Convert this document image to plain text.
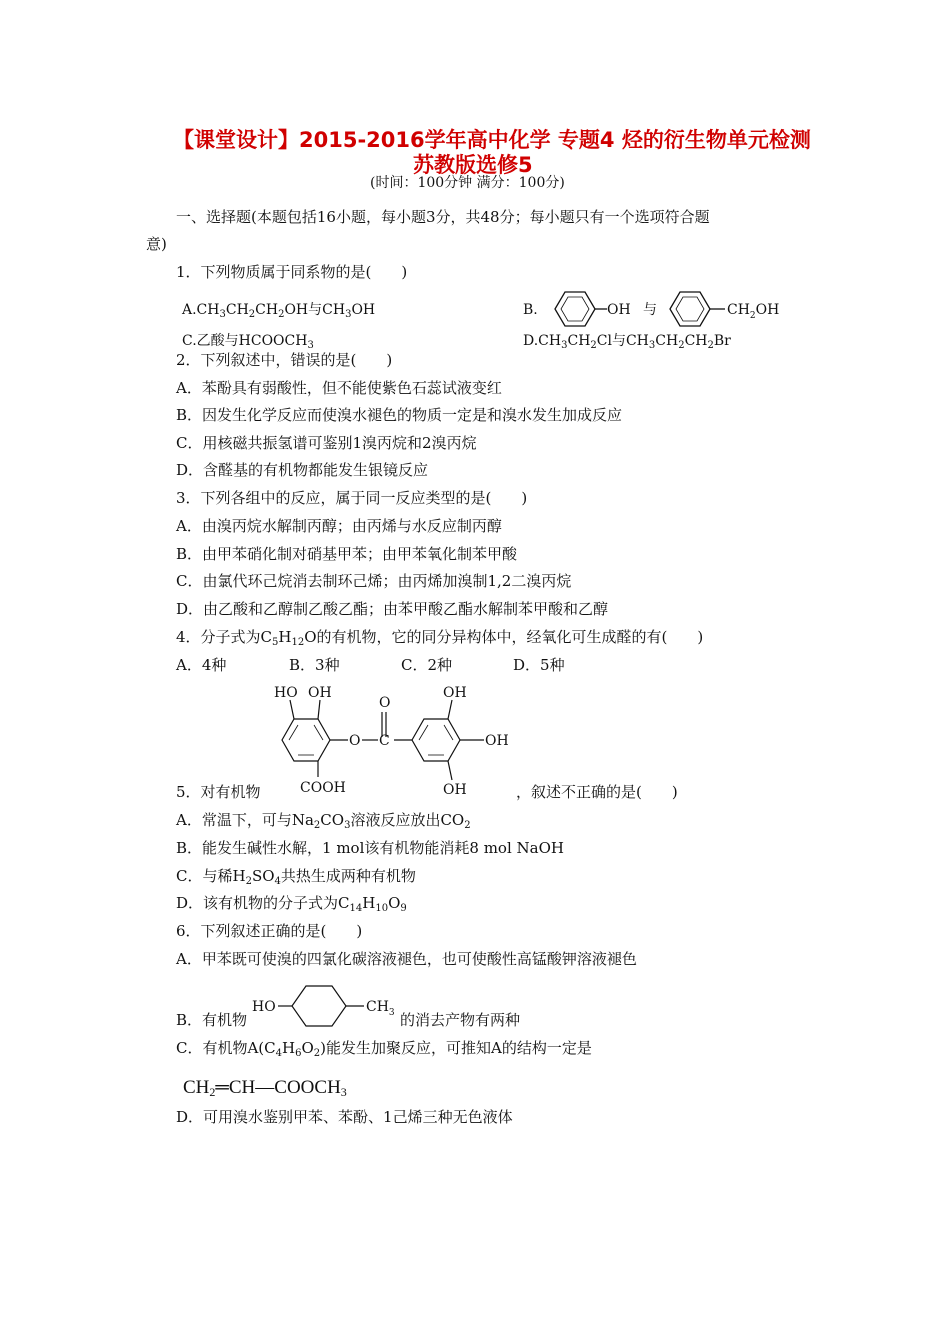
【课堂设计】2015-2016学年高中化学 专题4 烃的衍生物单元检测
苏教版选修5
(时间：100分钟 满分：100分)
一、选择题(本题包括16小题，每小题3分，共48分；每小题只有一个选项符合题
意)
1．下列物质属于同系物的是(　　)
$A.CH_3CH_2CH_2OH$与$CH_3OH$	B.	OH 与	$CH_2OH$
C.乙酸与$HCOOCH_3$	$D.CH_3CH_2Cl$与$CH_3CH_2CH_2Br$
2．下列叙述中，错误的是(　　)
A．苯酚具有弱酸性，但不能使紫色石蕊试液变红
B．因发生化学反应而使溴水褪色的物质一定是和溴水发生加成反应
C．用核磁共振氢谱可鉴别1溴丙烷和2溴丙烷
D．含醛基的有机物都能发生银镜反应
3．下列各组中的反应，属于同一反应类型的是(　　)
A．由溴丙烷水解制丙醇；由丙烯与水反应制丙醇
B．由甲苯硝化制对硝基甲苯；由甲苯氧化制苯甲酸
C．由氯代环己烷消去制环己烯；由丙烯加溴制1,2二溴丙烷
D．由乙酸和乙醇制乙酸乙酯；由苯甲酸乙酯水解制苯甲酸和乙醇
4．分子式为$C_5H_{12}O$的有机物，它的同分异构体中，经氧化可生成醛的有(　　)
A．4种	B．3种	C．2种	D．5种
HO OH
O
O C
OH
OH
OH
COOH
5．对有机物	，叙述不正确的是(　　)
A．常温下，可与$Na_2CO_3$溶液反应放出$CO_2$
B．能发生碱性水解，1 mol该有机物能消耗8 mol NaOH
C．与稀$H_2SO_4$共热生成两种有机物
D．该有机物的分子式为$C_{14}H_{10}O_9$
6．下列叙述正确的是(　　)
A．甲苯既可使溴的四氯化碳溶液褪色，也可使酸性高锰酸钾溶液褪色
HO	$CH_3$
B．有机物	的消去产物有两种
C．有机物$A(C_4H_6O_2)$能发生加聚反应，可推知A的结构一定是
$CH_2═CH—COOCH_3$
D．可用溴水鉴别甲苯、苯酚、1己烯三种无色液体
